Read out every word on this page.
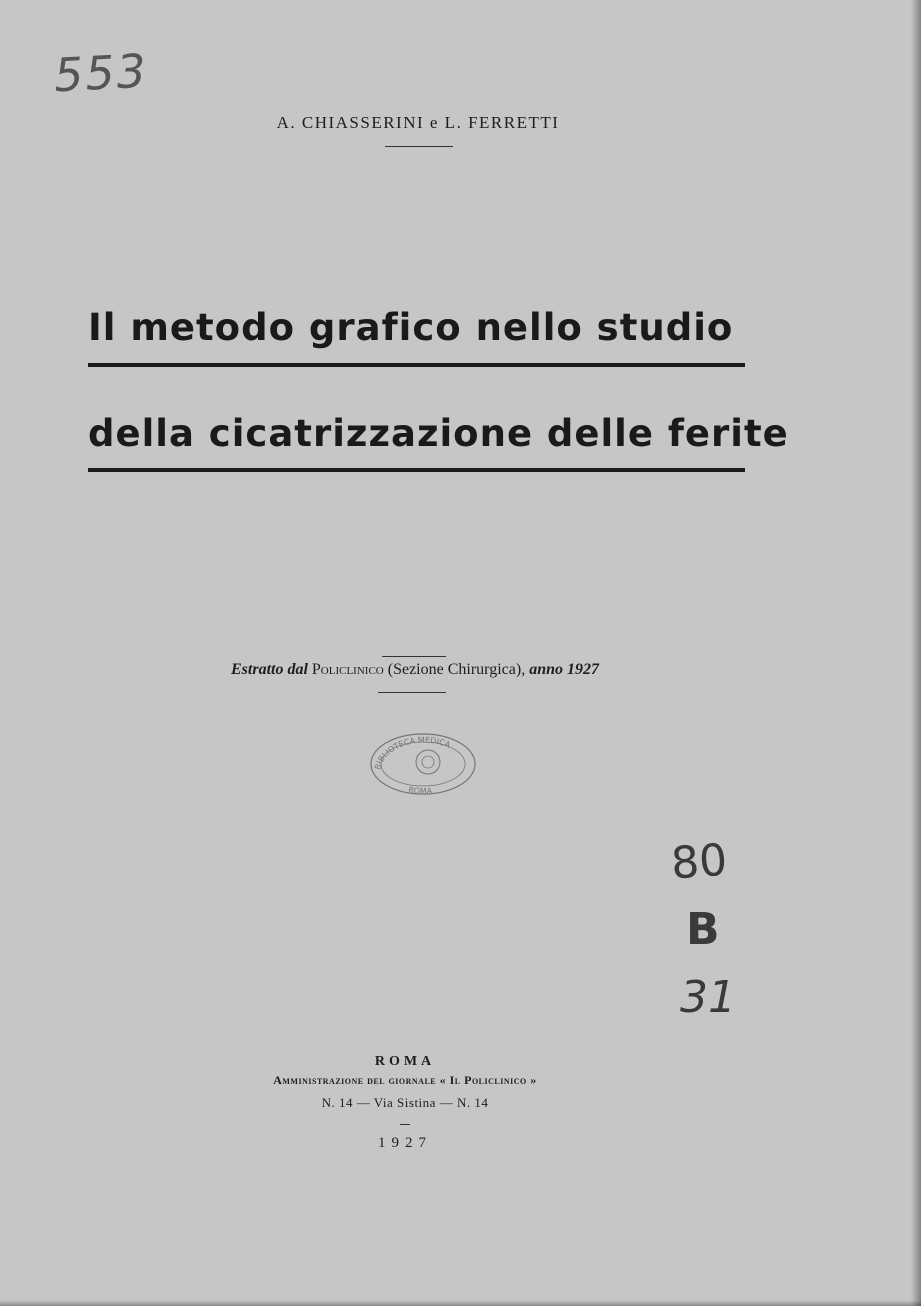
553
A. CHIASSERINI e L. FERRETTI
Il metodo grafico nello studio
della cicatrizzazione delle ferite
Estratto dal Policlinico (Sezione Chirurgica), anno 1927
BIBLIOTECA MEDICA
ROMA
80
B
31
ROMA
Amministrazione del giornale « Il Policlinico »
N. 14 — Via Sistina — N. 14
1927
